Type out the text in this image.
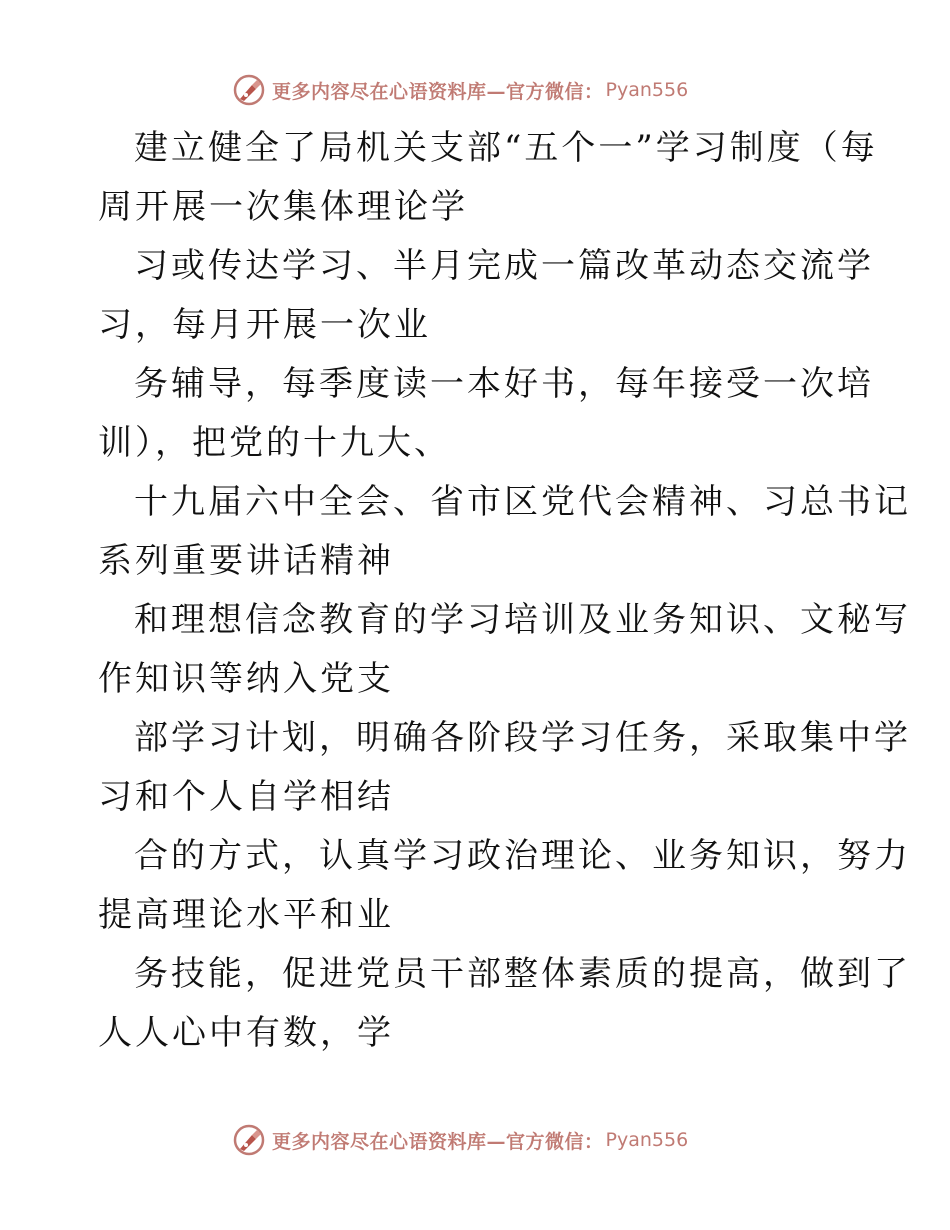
更多内容尽在心语资料库—官方微信： Pyan556
建立健全了局机关支部“五个一”学习制度（每
周开展一次集体理论学
习或传达学习、半月完成一篇改革动态交流学
习，每月开展一次业
务辅导，每季度读一本好书，每年接受一次培
训），把党的十九大、
十九届六中全会、省市区党代会精神、习总书记
系列重要讲话精神
和理想信念教育的学习培训及业务知识、文秘写
作知识等纳入党支
部学习计划，明确各阶段学习任务，采取集中学
习和个人自学相结
合的方式，认真学习政治理论、业务知识，努力
提高理论水平和业
务技能，促进党员干部整体素质的提高，做到了
人人心中有数，学
更多内容尽在心语资料库—官方微信： Pyan556
